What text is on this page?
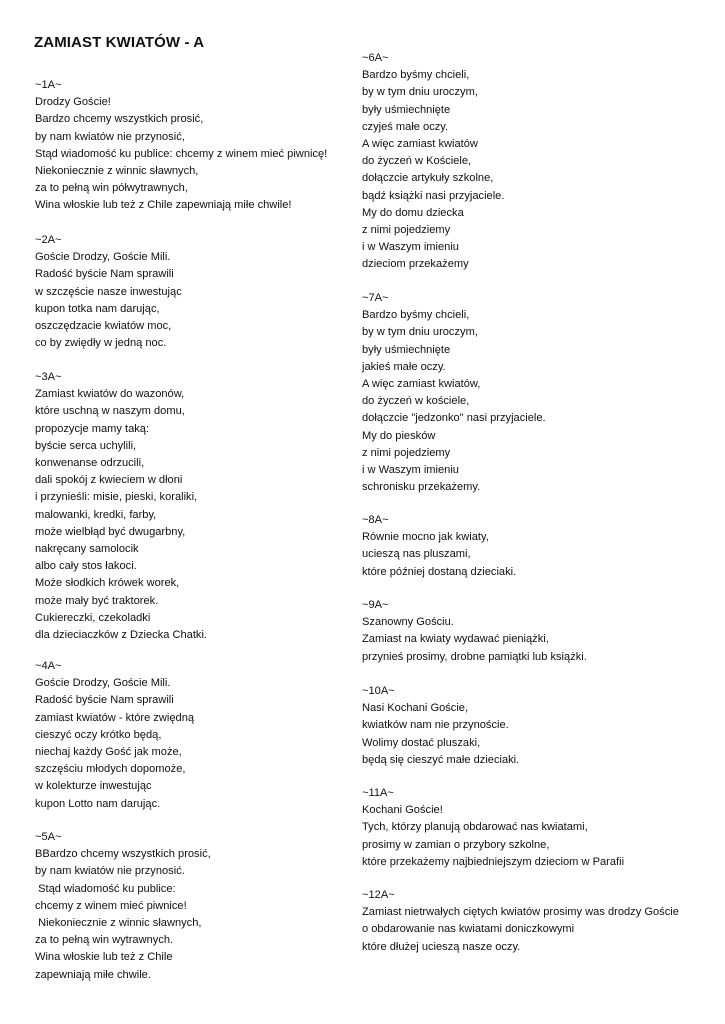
ZAMIAST KWIATÓW - A
~1A~
Drodzy Goście!
Bardzo chcemy wszystkich prosić,
by nam kwiatów nie przynosić,
Stąd wiadomość ku publice: chcemy z winem mieć piwnicę!
Niekoniecznie z winnic sławnych,
za to pełną win półwytrawnych,
Wina włoskie lub też z Chile zapewniają miłe chwile!
~2A~
Goście Drodzy, Goście Mili.
Radość byście Nam sprawili
w szczęście nasze inwestując
kupon totka nam darując,
oszczędzacie kwiatów moc,
co by zwiędły w jedną noc.
~3A~
Zamiast kwiatów do wazonów,
które uschną w naszym domu,
propozycje mamy taką:
byście serca uchylili,
konwenanse odrzucili,
dali spokój z kwieciem w dłoni
i przynieśli: misie, pieski, koraliki,
malowanki, kredki, farby,
może wielbłąd być dwugarbny,
nakręcany samolocik
albo cały stos łakoci.
Może słodkich krówek worek,
może mały być traktorek.
Cukiereczki, czekoladki
dla dzieciaczków z Dziecka Chatki.
~4A~
Goście Drodzy, Goście Mili.
Radość byście Nam sprawili
zamiast kwiatów - które zwiędną
cieszyć oczy krótko będą,
niechaj każdy Gość jak może,
szczęściu młodych dopomoże,
w kolekturze inwestując
kupon Lotto nam darując.
~5A~
BBardzo chcemy wszystkich prosić,
by nam kwiatów nie przynosić.
Stąd wiadomość ku publice:
chcemy z winem mieć piwnice!
Niekoniecznie z winnic sławnych,
za to pełną win wytrawnych.
Wina włoskie lub też z Chile
zapewniają miłe chwile.
~6A~
Bardzo byśmy chcieli,
by w tym dniu uroczym,
były uśmiechnięte
czyjeś małe oczy.
A więc zamiast kwiatów
do życzeń w Kościele,
dołączcie artykuły szkolne,
bądź książki nasi przyjaciele.
My do domu dziecka
z nimi pojedziemy
i w Waszym imieniu
dzieciom przekażemy
~7A~
Bardzo byśmy chcieli,
by w tym dniu uroczym,
były uśmiechnięte
jakieś małe oczy.
A więc zamiast kwiatów,
do życzeń w kościele,
dołączcie "jedzonko" nasi przyjaciele.
My do piesków
z nimi pojedziemy
i w Waszym imieniu
schronisku przekażemy.
~8A~
Równie mocno jak kwiaty,
ucieszą nas pluszami,
które później dostaną dzieciaki.
~9A~
Szanowny Gościu.
Zamiast na kwiaty wydawać pieniążki,
przynieś prosimy, drobne pamiątki lub książki.
~10A~
Nasi Kochani Goście,
kwiatków nam nie przynoście.
Wolimy dostać pluszaki,
będą się cieszyć małe dzieciaki.
~11A~
Kochani Goście!
Tych, którzy planują obdarować nas kwiatami,
prosimy w zamian o przybory szkolne,
które przekażemy najbiedniejszym dzieciom w Parafii
~12A~
Zamiast nietrwałych ciętych kwiatów prosimy was drodzy Goście
o obdarowanie nas kwiatami doniczkowymi
które dłużej ucieszą nasze oczy.
